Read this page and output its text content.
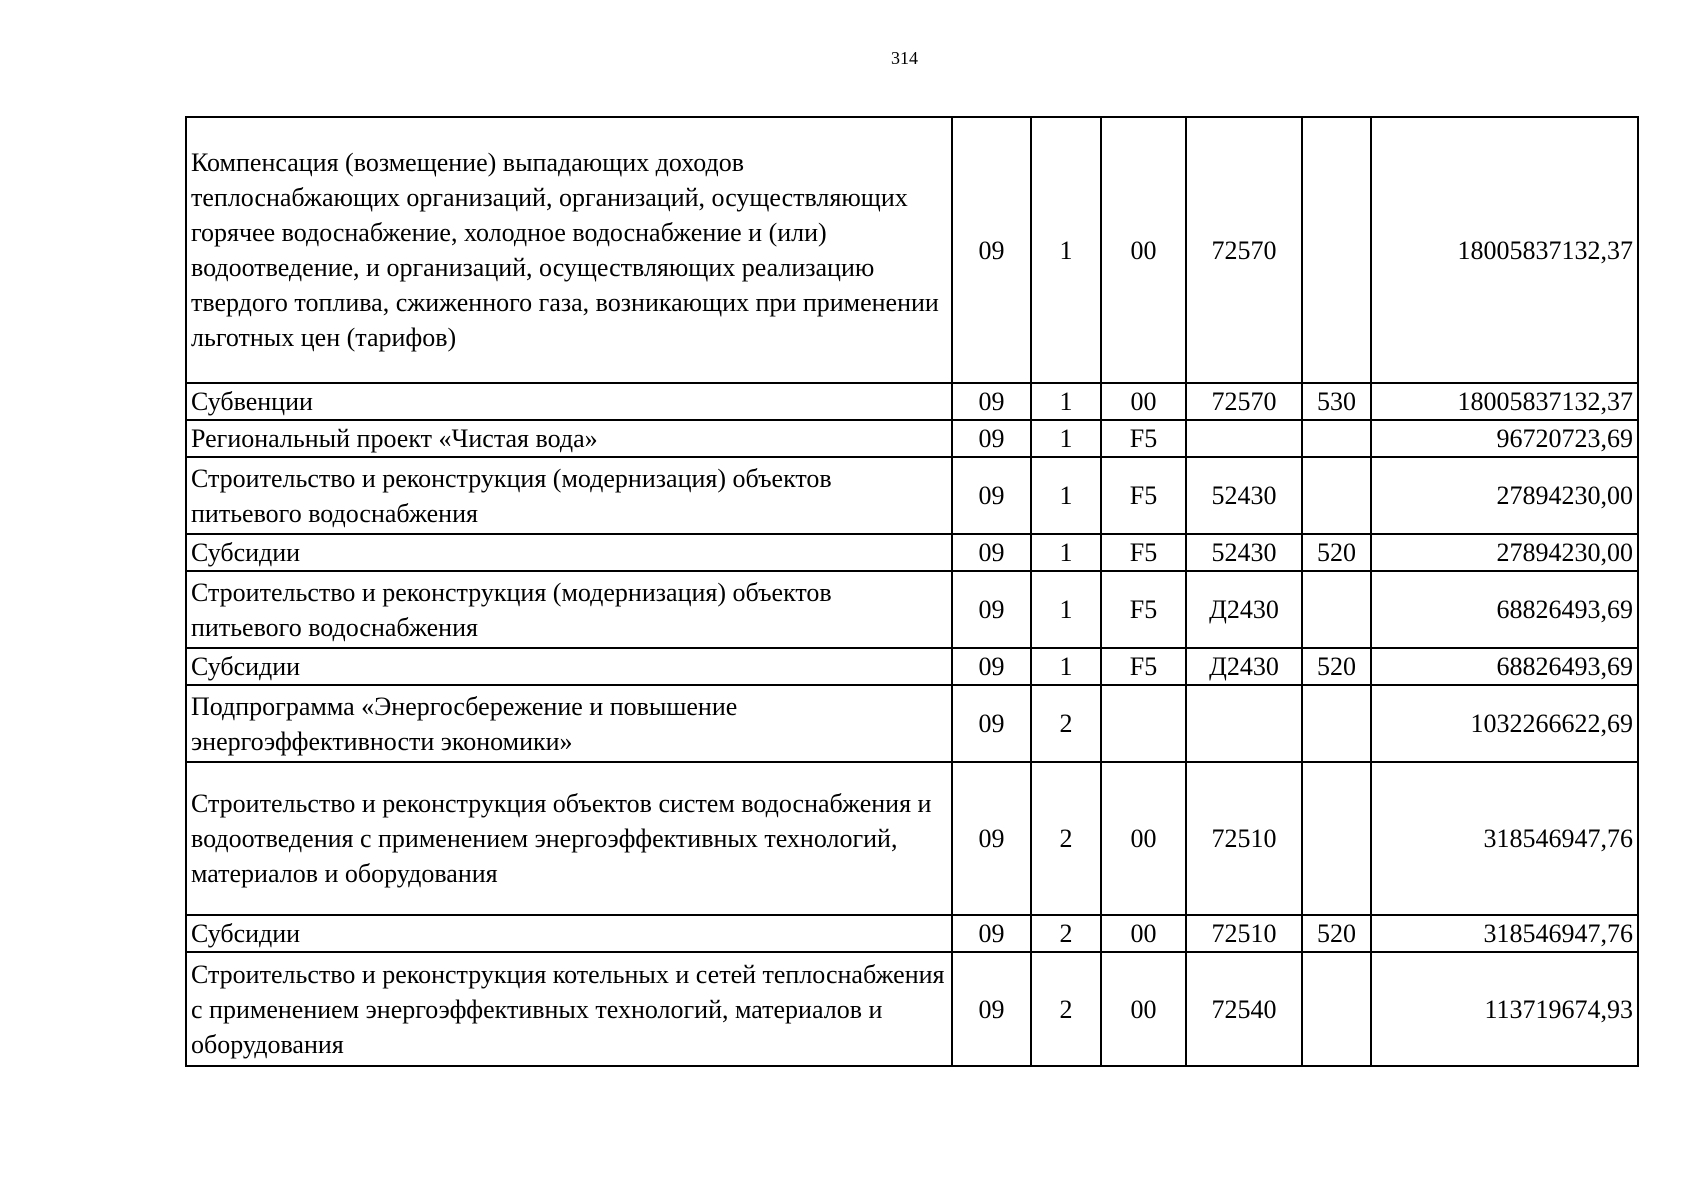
314
Компенсация (возмещение) выпадающих доходов теплоснабжающих организаций, организаций, осуществляющих горячее водоснабжение, холодное водоснабжение и (или) водоотведение, и организаций, осуществляющих реализацию твердого топлива, сжиженного газа, возникающих при применении льготных цен (тарифов)	09	1	00	72570		18005837132,37
Субвенции	09	1	00	72570	530	18005837132,37
Региональный проект «Чистая вода»	09	1	F5			96720723,69
Строительство и реконструкция (модернизация) объектов питьевого водоснабжения	09	1	F5	52430		27894230,00
Субсидии	09	1	F5	52430	520	27894230,00
Строительство и реконструкция (модернизация) объектов питьевого водоснабжения	09	1	F5	Д2430		68826493,69
Субсидии	09	1	F5	Д2430	520	68826493,69
Подпрограмма «Энергосбережение и повышение энергоэффективности экономики»	09	2				1032266622,69
Строительство и реконструкция объектов систем водоснабжения и водоотведения с применением энергоэффективных технологий, материалов и оборудования	09	2	00	72510		318546947,76
Субсидии	09	2	00	72510	520	318546947,76
Строительство и реконструкция котельных и сетей теплоснабжения с применением энергоэффективных технологий, материалов и оборудования	09	2	00	72540		113719674,93
